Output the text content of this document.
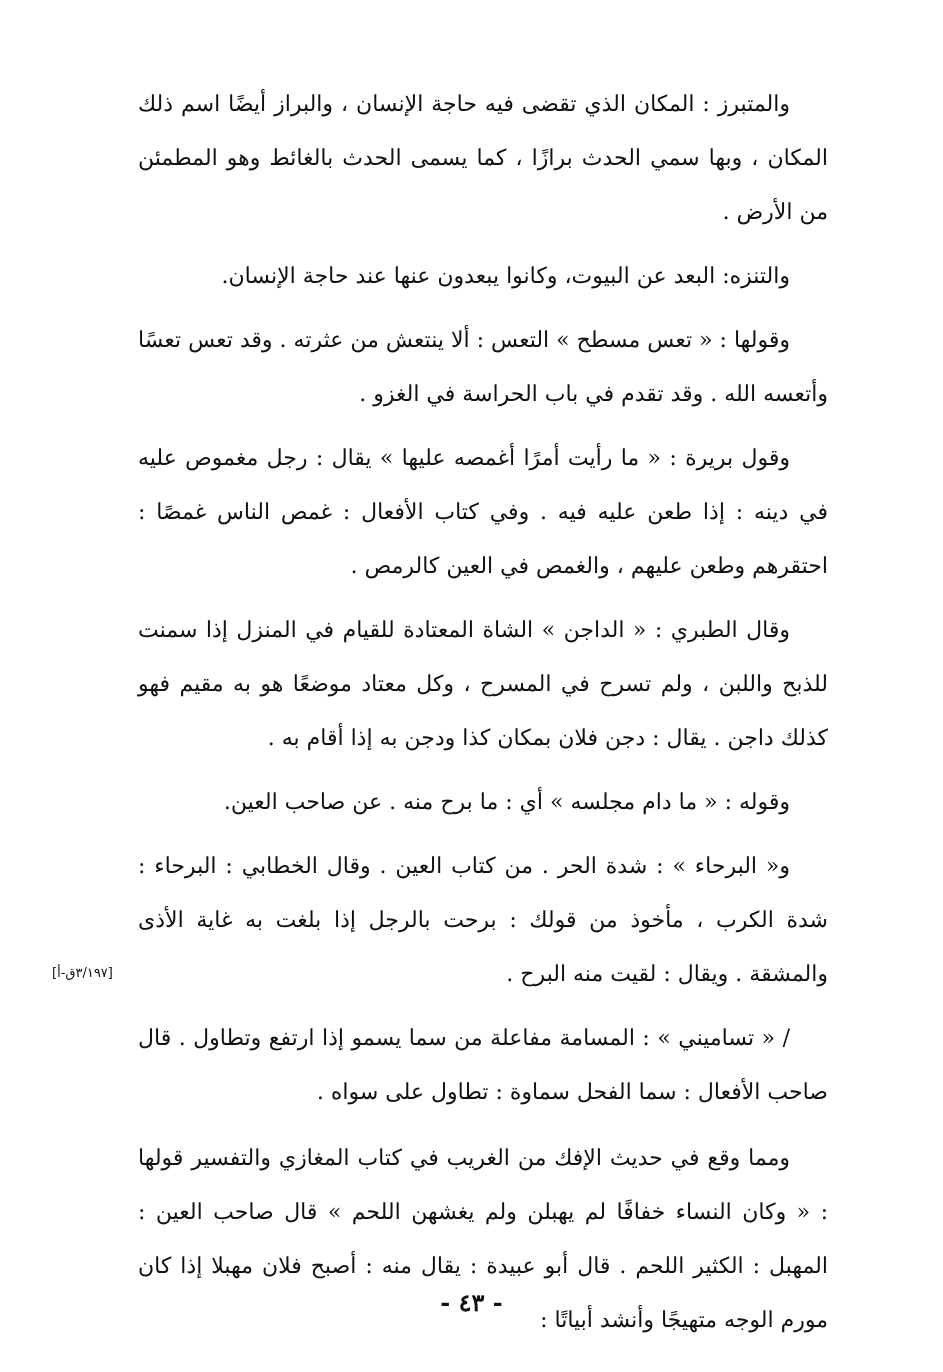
والمتبرز : المكان الذي تقضى فيه حاجة الإنسان ، والبراز أيضًا اسم ذلك المكان ، وبها سمي الحدث برازًا ، كما يسمى الحدث بالغائط وهو المطمئن من الأرض .

والتنزه: البعد عن البيوت، وكانوا يبعدون عنها عند حاجة الإنسان.

وقولها : « تعس مسطح » التعس : ألا ينتعش من عثرته . وقد تعس تعسًا وأتعسه الله . وقد تقدم في باب الحراسة في الغزو .

وقول بريرة : « ما رأيت أمرًا أغمصه عليها » يقال : رجل مغموص عليه في دينه : إذا طعن عليه فيه . وفي كتاب الأفعال : غمص الناس غمصًا : احتقرهم وطعن عليهم ، والغمص في العين كالرمص .

وقال الطبري : « الداجن » الشاة المعتادة للقيام في المنزل إذا سمنت للذبح واللبن ، ولم تسرح في المسرح ، وكل معتاد موضعًا هو به مقيم فهو كذلك داجن . يقال : دجن فلان بمكان كذا ودجن به إذا أقام به .

وقوله : « ما دام مجلسه » أي : ما برح منه . عن صاحب العين.

و« البرحاء » : شدة الحر . من كتاب العين . وقال الخطابي : البرحاء : شدة الكرب ، مأخوذ من قولك : برحت بالرجل إذا بلغت به غاية الأذى والمشقة . ويقال : لقيت منه البرح .

/ « تساميني » : المسامة مفاعلة من سما يسمو إذا ارتفع وتطاول . قال صاحب الأفعال : سما الفحل سماوة : تطاول على سواه .

ومما وقع في حديث الإفك من الغريب في كتاب المغازي والتفسير قولها : « وكان النساء خفافًا لم يهبلن ولم يغشهن اللحم » قال صاحب العين : المهبل : الكثير اللحم . قال أبو عبيدة : يقال منه : أصبح فلان مهبلا إذا كان مورم الوجه متهيجًا وأنشد أبياتًا :

[٣/١٩٧ق-أ]
- ٤٣ -
